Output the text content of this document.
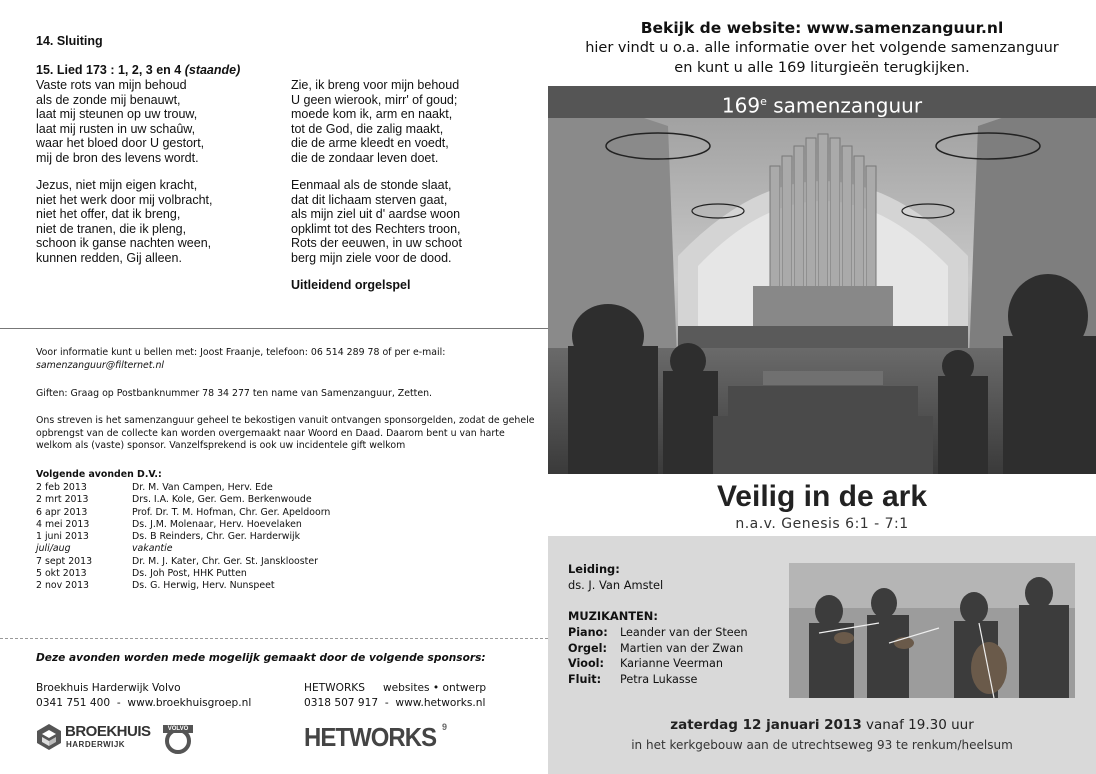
14. Sluiting
15. Lied 173 : 1, 2, 3 en 4 (staande)
Vaste rots van mijn behoud
als de zonde mij benauwt,
laat mij steunen op uw trouw,
laat mij rusten in uw schaûw,
waar het bloed door U gestort,
mij de bron des levens wordt.
Jezus, niet mijn eigen kracht,
niet het werk door mij volbracht,
niet het offer, dat ik breng,
niet de tranen, die ik pleng,
schoon ik ganse nachten ween,
kunnen redden, Gij alleen.
Zie, ik breng voor mijn behoud
U geen wierook, mirr' of goud;
moede kom ik, arm en naakt,
tot de God, die zalig maakt,
die de arme kleedt en voedt,
die de zondaar leven doet.
Eenmaal als de stonde slaat,
dat dit lichaam sterven gaat,
als mijn ziel uit d' aardse woon
opklimt tot des Rechters troon,
Rots der eeuwen, in uw schoot
berg mijn ziele voor de dood.
Uitleidend orgelspel
Voor informatie kunt u bellen met: Joost Fraanje, telefoon: 06 514 289 78 of per e-mail:
samenzanguur@filternet.nl
Giften: Graag op Postbanknummer 78 34 277 ten name van Samenzanguur, Zetten.
Ons streven is het samenzanguur geheel te bekostigen vanuit ontvangen sponsorgelden, zodat de gehele opbrengst van de collecte kan worden overgemaakt naar Woord en Daad. Daarom bent u van harte welkom als (vaste) sponsor. Vanzelfsprekend is ook uw incidentele gift welkom
Volgende avonden D.V.:
2 feb 2013	Dr. M. Van Campen, Herv. Ede
2 mrt 2013	Drs. I.A. Kole, Ger. Gem. Berkenwoude
6 apr 2013	Prof. Dr. T. M. Hofman, Chr. Ger. Apeldoorn
4 mei 2013	Ds. J.M. Molenaar, Herv. Hoevelaken
1 juni 2013	Ds. B Reinders, Chr. Ger. Harderwijk
juli/aug	vakantie
7 sept 2013	Dr. M. J. Kater, Chr. Ger. St. Jansklooster
5 okt 2013	Ds. Joh Post, HHK Putten
2 nov 2013	Ds. G. Herwig, Herv. Nunspeet
Deze avonden worden mede mogelijk gemaakt door de volgende sponsors:
Broekhuis Harderwijk Volvo
0341 751 400  -  www.broekhuisgroep.nl
HETWORKS websites • ontwerp
0318 507 917  -  www.hetworks.nl
BROEKHUIS
HARDERWIJK
VOLVO	HETWORKS 9
Bekijk de website: www.samenzanguur.nl
hier vindt u o.a. alle informatie over het volgende samenzanguur
en kunt u alle 169 liturgieën terugkijken.
169e samenzanguur
Veilig in de ark
n.a.v. Genesis 6:1 - 7:1
Leiding:
ds. J. Van Amstel
MUZIKANTEN:
Piano: Leander van der Steen
Orgel: Martien van der Zwan
Viool: Karianne Veerman
Fluit: Petra Lukasse
zaterdag 12 januari 2013 vanaf 19.30 uur
in het kerkgebouw aan de utrechtseweg 93 te renkum/heelsum
